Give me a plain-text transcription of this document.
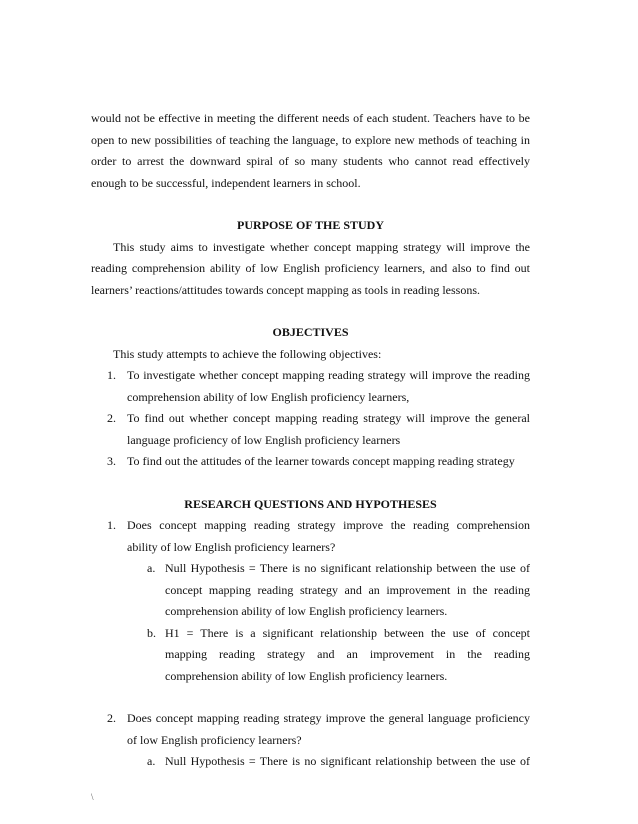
would not be effective in meeting the different needs of each student. Teachers have to be
open to new possibilities of teaching the language, to explore new methods of teaching in
order to arrest the downward spiral of so many students who cannot read effectively
enough to be successful, independent learners in school.

PURPOSE OF THE STUDY

This study aims to investigate whether concept mapping strategy will improve the
reading comprehension ability of low English proficiency learners, and also to find out
learners’ reactions/attitudes towards concept mapping as tools in reading lessons.

OBJECTIVES

This study attempts to achieve the following objectives:

1. To investigate whether concept mapping reading strategy will improve the reading
comprehension ability of low English proficiency learners,
2. To find out whether concept mapping reading strategy will improve the general
language proficiency of low English proficiency learners
3. To find out the attitudes of the learner towards concept mapping reading strategy

RESEARCH QUESTIONS AND HYPOTHESES

1. Does concept mapping reading strategy improve the reading comprehension
ability of low English proficiency learners?
a. Null Hypothesis = There is no significant relationship between the use of
concept mapping reading strategy and an improvement in the reading
comprehension ability of low English proficiency learners.
b. H1 = There is a significant relationship between the use of concept
mapping reading strategy and an improvement in the reading
comprehension ability of low English proficiency learners.
2. Does concept mapping reading strategy improve the general language proficiency
of low English proficiency learners?
a. Null Hypothesis = There is no significant relationship between the use of
\
